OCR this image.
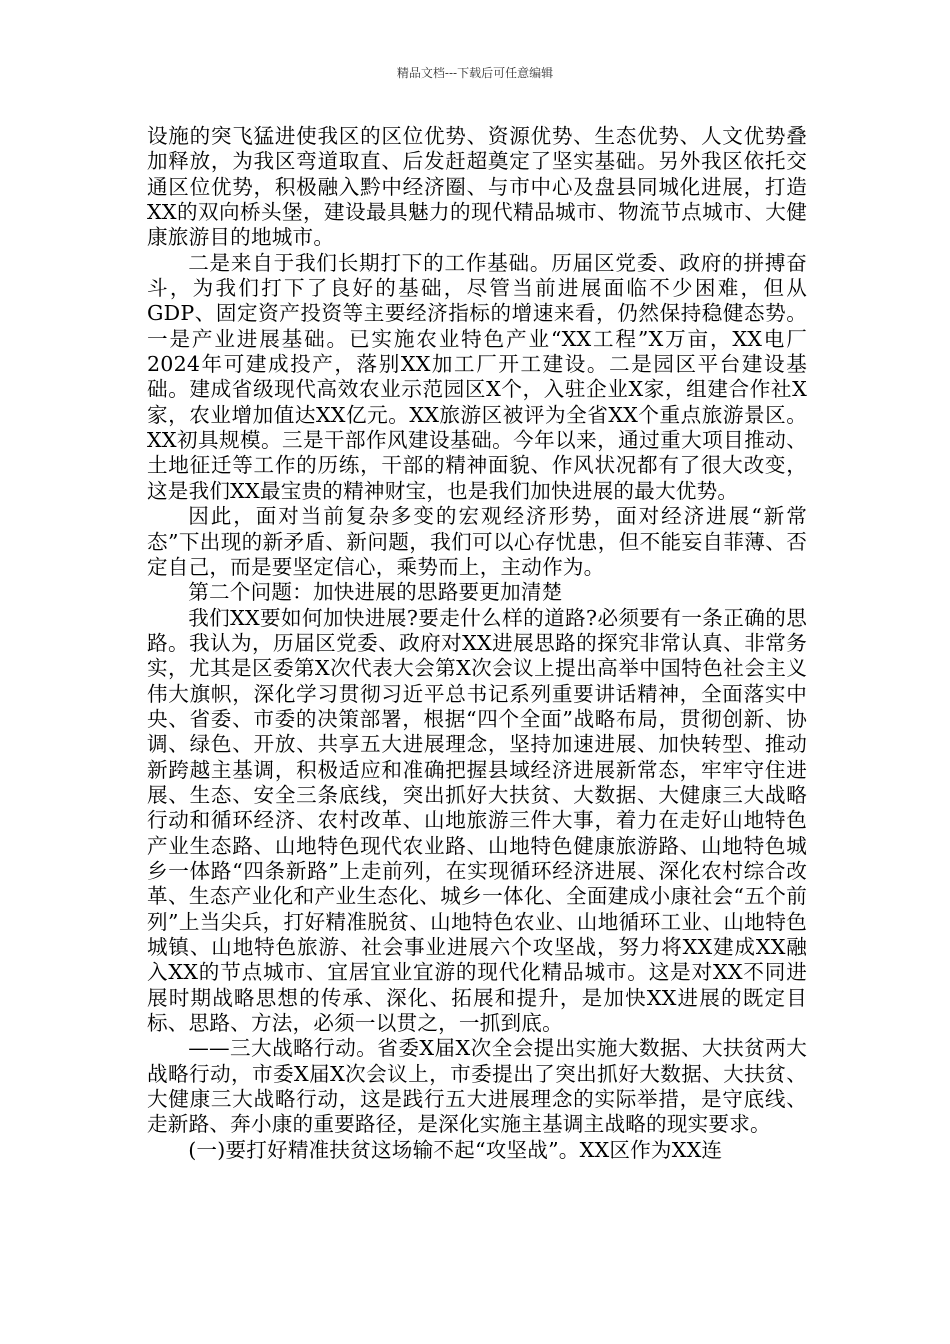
精品文档---下载后可任意编辑

设施的突飞猛进使我区的区位优势、资源优势、生态优势、人文优势叠加释放，为我区弯道取直、后发赶超奠定了坚实基础。另外我区依托交通区位优势，积极融入黔中经济圈、与市中心及盘县同城化进展，打造XX的双向桥头堡，建设最具魅力的现代精品城市、物流节点城市、大健康旅游目的地城市。

二是来自于我们长期打下的工作基础。历届区党委、政府的拼搏奋斗，为我们打下了良好的基础，尽管当前进展面临不少困难，但从GDP、固定资产投资等主要经济指标的增速来看，仍然保持稳健态势。一是产业进展基础。已实施农业特色产业“XX工程”X万亩，XX电厂2024年可建成投产，落别XX加工厂开工建设。二是园区平台建设基础。建成省级现代高效农业示范园区X个，入驻企业X家，组建合作社X家，农业增加值达XX亿元。XX旅游区被评为全省XX个重点旅游景区。XX初具规模。三是干部作风建设基础。今年以来，通过重大项目推动、土地征迁等工作的历练，干部的精神面貌、作风状况都有了很大改变，这是我们XX最宝贵的精神财宝，也是我们加快进展的最大优势。

因此，面对当前复杂多变的宏观经济形势，面对经济进展“新常态”下出现的新矛盾、新问题，我们可以心存忧患，但不能妄自菲薄、否定自己，而是要坚定信心，乘势而上，主动作为。

第二个问题：加快进展的思路要更加清楚

我们XX要如何加快进展?要走什么样的道路?必须要有一条正确的思路。我认为，历届区党委、政府对XX进展思路的探究非常认真、非常务实，尤其是区委第X次代表大会第X次会议上提出高举中国特色社会主义伟大旗帜，深化学习贯彻习近平总书记系列重要讲话精神，全面落实中央、省委、市委的决策部署，根据“四个全面”战略布局，贯彻创新、协调、绿色、开放、共享五大进展理念，坚持加速进展、加快转型、推动新跨越主基调，积极适应和准确把握县域经济进展新常态，牢牢守住进展、生态、安全三条底线，突出抓好大扶贫、大数据、大健康三大战略行动和循环经济、农村改革、山地旅游三件大事，着力在走好山地特色产业生态路、山地特色现代农业路、山地特色健康旅游路、山地特色城乡一体路“四条新路”上走前列，在实现循环经济进展、深化农村综合改革、生态产业化和产业生态化、城乡一体化、全面建成小康社会“五个前列”上当尖兵，打好精准脱贫、山地特色农业、山地循环工业、山地特色城镇、山地特色旅游、社会事业进展六个攻坚战，努力将XX建成XX融入XX的节点城市、宜居宜业宜游的现代化精品城市。这是对XX不同进展时期战略思想的传承、深化、拓展和提升，是加快XX进展的既定目标、思路、方法，必须一以贯之，一抓到底。

——三大战略行动。省委X届X次全会提出实施大数据、大扶贫两大战略行动，市委X届X次会议上，市委提出了突出抓好大数据、大扶贫、大健康三大战略行动，这是践行五大进展理念的实际举措，是守底线、走新路、奔小康的重要路径，是深化实施主基调主战略的现实要求。

(一)要打好精准扶贫这场输不起“攻坚战”。XX区作为XX连
